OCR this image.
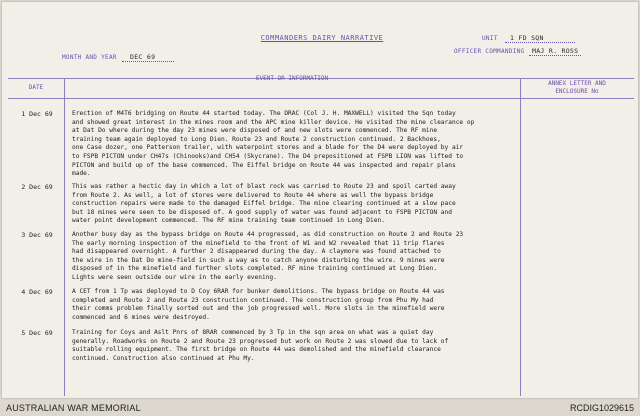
COMMANDERS DAIRY NARRATIVE	UNIT 1 FD SQN
MONTH AND YEAR DEC 69
OFFICER COMMANDING MAJ R. ROSS
DATE
EVENT OR INFORMATION
ANNEX LETTER AND
ENCLOSURE No
1 Dec 69	Erection of M4T6 bridging on Route 44 started today. The DRAC (Col J. H. MAXWELL) visited the Sqn today
and showed great interest in the mines room and the APC mine killer device. He visited the mine clearance op
at Dat Do where during the day 23 mines were disposed of and new slots were commenced. The RF mine
training team again deployed to Long Dien. Route 23 and Route 2 construction continued. 2 Backhoes,
one Case dozer, one Patterson trailer, with waterpoint stores and a blade for the D4 were deployed by air
to FSPB PICTON under CH47s (Chinooks)and CH54 (Skycrane). The D4 prepositioned at FSPB LION was lifted to
PICTON and build up of the base commenced. The Eiffel bridge on Route 44 was inspected and repair plans
made.
2 Dec 69	This was rather a hectic day in which a lot of blast rock was carried to Route 23 and spoil carted away
from Route 2. As well, a lot of stores were delivered to Route 44 where as well the bypass bridge
construction repairs were made to the damaged Eiffel bridge. The mine clearing continued at a slow pace
but 18 mines were seen to be disposed of. A good supply of water was found adjacent to FSPB PICTON and
water point development commenced. The RF mine training team continued in Long Dien.
3 Dec 69	Another busy day as the bypass bridge on Route 44 progressed, as did construction on Route 2 and Route 23
The early morning inspection of the minefield to the front of W1 and W2 revealed that 11 trip flares
had disappeared overnight. A further 2 disappeared during the day. A claymore was found attached to
the wire in the Dat Do mine-field in such a way as to catch anyone disturbing the wire. 9 mines were
disposed of in the minefield and further slots completed. RF mine training continued at Long Dien.
Lights were seen outside our wire in the early evening.
4 Dec 69	A CET from 1 Tp was deployed to D Coy 6RAR for bunker demolitions. The bypass bridge on Route 44 was
completed and Route 2 and Route 23 construction continued. The construction group from Phu My had
their comms problem finally sorted out and the job progressed well. More slots in the minefield were
commenced and 6 mines were destroyed.
5 Dec 69	Training for Coys and Aslt Pnrs of 8RAR commenced by 3 Tp in the sqn area on what was a quiet day
generally. Roadworks on Route 2 and Route 23 progressed but work on Route 2 was slowed due to lack of
suitable rolling equipment. The first bridge on Route 44 was demolished and the minefield clearance
continued. Construction also continued at Phu My.
AUSTRALIAN WAR MEMORIAL	RCDIG1029615
